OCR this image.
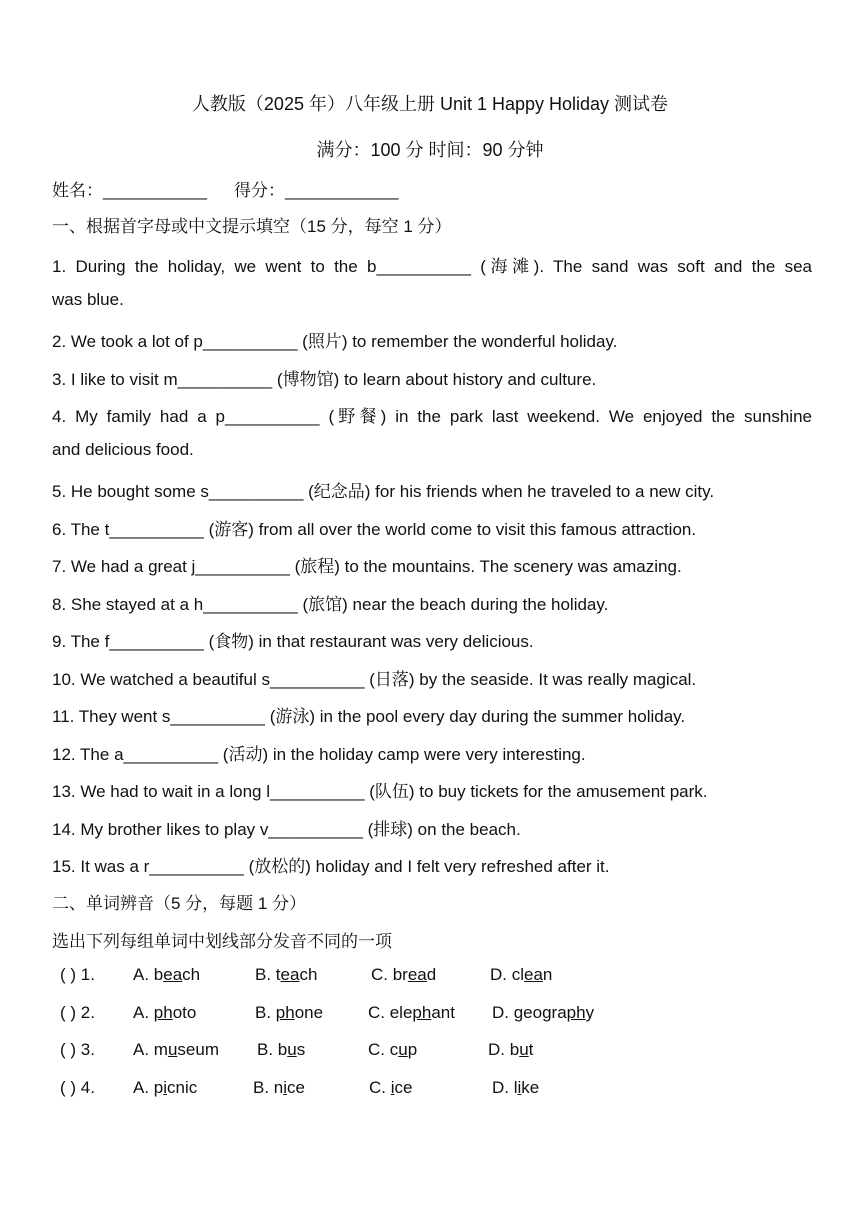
人教版（2025 年）八年级上册 Unit 1 Happy Holiday 测试卷
满分：100 分 时间：90 分钟
姓名：___________ 得分：____________
一、根据首字母或中文提示填空（15 分，每空 1 分）
1. During the holiday, we went to the b__________ (海滩). The sand was soft and the sea
was blue.
2. We took a lot of p__________ (照片) to remember the wonderful holiday.
3. I like to visit m__________ (博物馆) to learn about history and culture.
4. My family had a p__________ (野餐) in the park last weekend. We enjoyed the sunshine
and delicious food.
5. He bought some s__________ (纪念品) for his friends when he traveled to a new city.
6. The t__________ (游客) from all over the world come to visit this famous attraction.
7. We had a great j__________ (旅程) to the mountains. The scenery was amazing.
8. She stayed at a h__________ (旅馆) near the beach during the holiday.
9. The f__________ (食物) in that restaurant was very delicious.
10. We watched a beautiful s__________ (日落) by the seaside. It was really magical.
11. They went s__________ (游泳) in the pool every day during the summer holiday.
12. The a__________ (活动) in the holiday camp were very interesting.
13. We had to wait in a long l__________ (队伍) to buy tickets for the amusement park.
14. My brother likes to play v__________ (排球) on the beach.
15. It was a r__________ (放松的) holiday and I felt very refreshed after it.
二、单词辨音（5 分，每题 1 分）
选出下列每组单词中划线部分发音不同的一项
( ) 1. A. beach	B. teach	C. bread	D. clean
( ) 2. A. photo	B. phone	C. elephant D. geography
( ) 3. A. museum B. bus	C. cup	D. but
( ) 4. A. picnic	B. nice	C. ice	D. like
